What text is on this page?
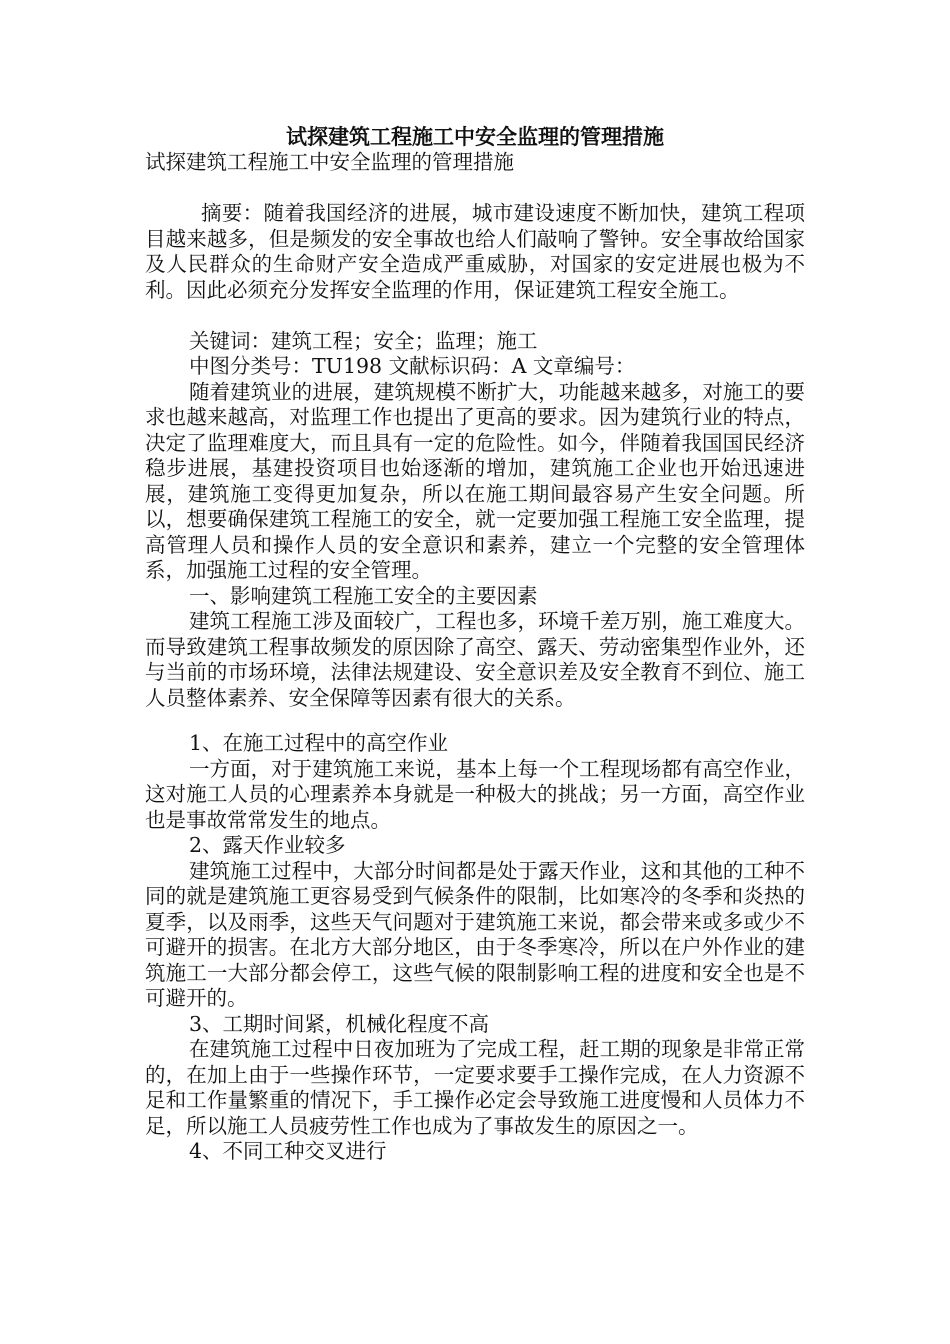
试探建筑工程施工中安全监理的管理措施

试探建筑工程施工中安全监理的管理措施

摘要：随着我国经济的进展，城市建设速度不断加快，建筑工程项目越来越多，但是频发的安全事故也给人们敲响了警钟。安全事故给国家及人民群众的生命财产安全造成严重威胁，对国家的安定进展也极为不利。因此必须充分发挥安全监理的作用，保证建筑工程安全施工。

关键词：建筑工程；安全；监理；施工

中图分类号：TU198 文献标识码：A 文章编号：

随着建筑业的进展，建筑规模不断扩大，功能越来越多，对施工的要求也越来越高，对监理工作也提出了更高的要求。因为建筑行业的特点，决定了监理难度大，而且具有一定的危险性。如今，伴随着我国国民经济稳步进展，基建投资项目也始逐渐的增加，建筑施工企业也开始迅速进展，建筑施工变得更加复杂，所以在施工期间最容易产生安全问题。所以，想要确保建筑工程施工的安全，就一定要加强工程施工安全监理，提高管理人员和操作人员的安全意识和素养，建立一个完整的安全管理体系，加强施工过程的安全管理。

一、影响建筑工程施工安全的主要因素

建筑工程施工涉及面较广，工程也多，环境千差万别，施工难度大。而导致建筑工程事故频发的原因除了高空、露天、劳动密集型作业外，还与当前的市场环境，法律法规建设、安全意识差及安全教育不到位、施工人员整体素养、安全保障等因素有很大的关系。

1、在施工过程中的高空作业

一方面，对于建筑施工来说，基本上每一个工程现场都有高空作业，这对施工人员的心理素养本身就是一种极大的挑战；另一方面，高空作业也是事故常常发生的地点。

2、露天作业较多

建筑施工过程中，大部分时间都是处于露天作业，这和其他的工种不同的就是建筑施工更容易受到气候条件的限制，比如寒冷的冬季和炎热的夏季，以及雨季，这些天气问题对于建筑施工来说，都会带来或多或少不可避开的损害。在北方大部分地区，由于冬季寒冷，所以在户外作业的建筑施工一大部分都会停工，这些气候的限制影响工程的进度和安全也是不可避开的。

3、工期时间紧，机械化程度不高

在建筑施工过程中日夜加班为了完成工程，赶工期的现象是非常正常的，在加上由于一些操作环节，一定要求要手工操作完成，在人力资源不足和工作量繁重的情况下，手工操作必定会导致施工进度慢和人员体力不足，所以施工人员疲劳性工作也成为了事故发生的原因之一。

4、不同工种交叉进行
